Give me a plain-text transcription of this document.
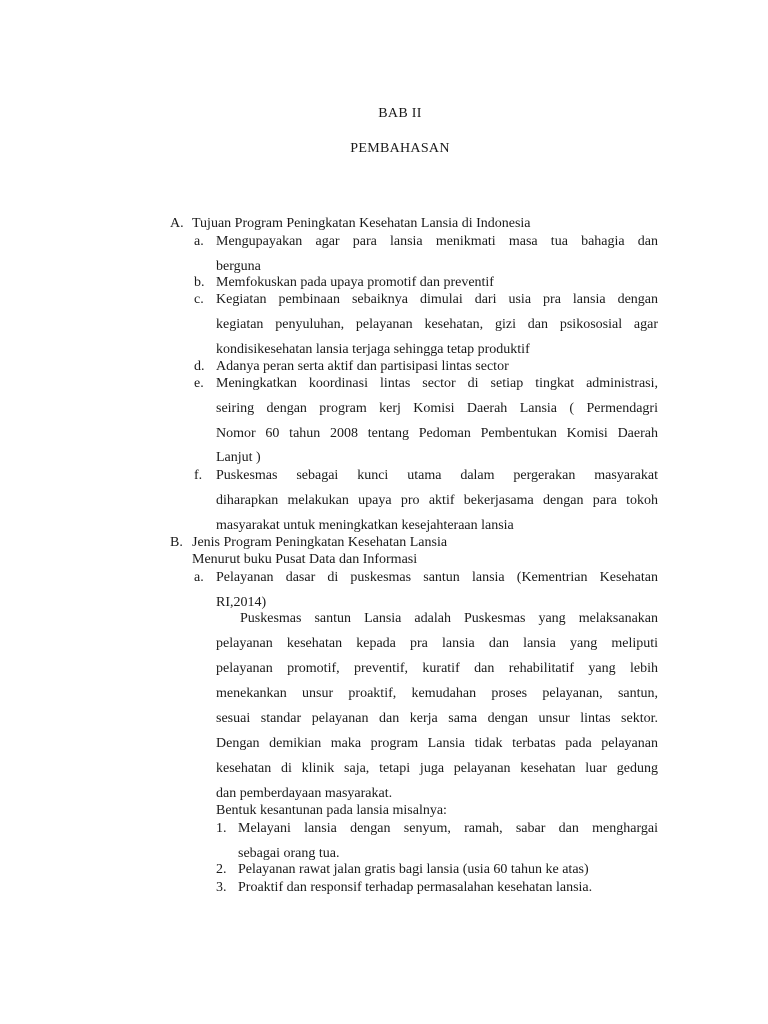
BAB II
PEMBAHASAN
A. Tujuan Program Peningkatan Kesehatan Lansia di Indonesia
a. Mengupayakan agar para lansia menikmati masa tua bahagia dan
berguna
b. Memfokuskan pada upaya promotif dan preventif
c. Kegiatan pembinaan sebaiknya dimulai dari usia pra lansia dengan
kegiatan penyuluhan, pelayanan kesehatan, gizi dan psikososial agar
kondisikesehatan lansia terjaga sehingga tetap produktif
d. Adanya peran serta aktif dan partisipasi lintas sector
e. Meningkatkan koordinasi lintas sector di setiap tingkat administrasi,
seiring dengan program kerj Komisi Daerah Lansia ( Permendagri
Nomor 60 tahun 2008 tentang Pedoman Pembentukan Komisi Daerah
Lanjut )
f. Puskesmas sebagai kunci utama dalam pergerakan masyarakat
diharapkan melakukan upaya pro aktif bekerjasama dengan para tokoh
masyarakat untuk meningkatkan kesejahteraan lansia
B. Jenis Program Peningkatan Kesehatan Lansia
Menurut buku Pusat Data dan Informasi
a. Pelayanan dasar di puskesmas santun lansia (Kementrian Kesehatan
RI,2014)
Puskesmas santun Lansia adalah Puskesmas yang melaksanakan
pelayanan kesehatan kepada pra lansia dan lansia yang meliputi
pelayanan promotif, preventif, kuratif dan rehabilitatif yang lebih
menekankan unsur proaktif, kemudahan proses pelayanan, santun,
sesuai standar pelayanan dan kerja sama dengan unsur lintas sektor.
Dengan demikian maka program Lansia tidak terbatas pada pelayanan
kesehatan di klinik saja, tetapi juga pelayanan kesehatan luar gedung
dan pemberdayaan masyarakat.
Bentuk kesantunan pada lansia misalnya:
1. Melayani lansia dengan senyum, ramah, sabar dan menghargai
sebagai orang tua.
2. Pelayanan rawat jalan gratis bagi lansia (usia 60 tahun ke atas)
3. Proaktif dan responsif terhadap permasalahan kesehatan lansia.
